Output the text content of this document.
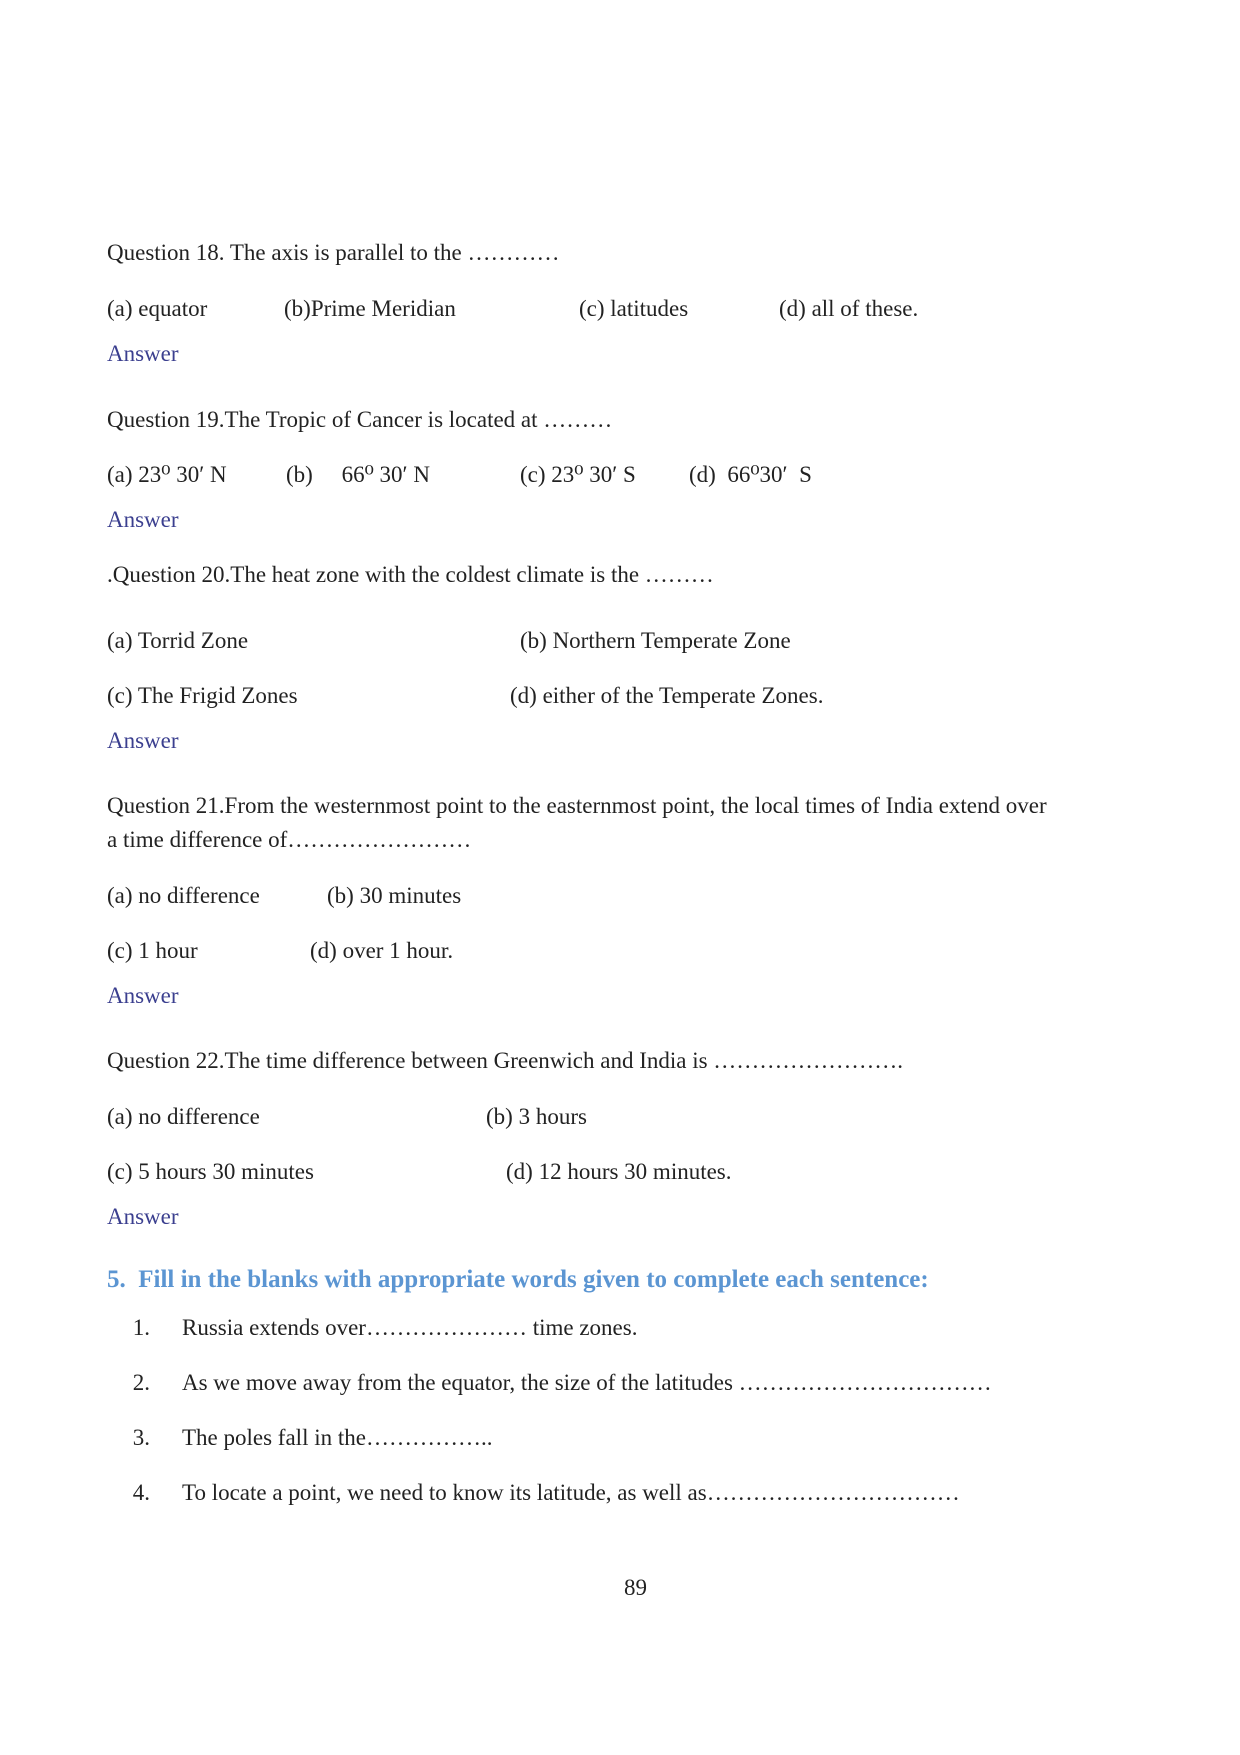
Question 18. The axis is parallel to the …………
(a) equator	(b)Prime Meridian	(c) latitudes	(d) all of these.
Answer
Question 19.The Tropic of Cancer is located at ………
(a) 23⁰ 30′ N	(b)     66⁰ 30′ N	(c) 23⁰ 30′ S (d)  66⁰30′  S
Answer
.Question 20.The heat zone with the coldest climate is the ………
(a) Torrid Zone	(b) Northern Temperate Zone
(c) The Frigid Zones	(d) either of the Temperate Zones.
Answer
Question 21.From the westernmost point to the easternmost point, the local times of India extend over
a time difference of……………………
(a) no difference	(b) 30 minutes
(c) 1 hour	(d) over 1 hour.
Answer
Question 22.The time difference between Greenwich and India is …………………….
(a) no difference	(b) 3 hours
(c) 5 hours 30 minutes	(d) 12 hours 30 minutes.
Answer
5.  Fill in the blanks with appropriate words given to complete each sentence:
1. Russia extends over………………… time zones.
2. As we move away from the equator, the size of the latitudes ……………………………
3. The poles fall in the……………..
4. To locate a point, we need to know its latitude, as well as……………………………
89
